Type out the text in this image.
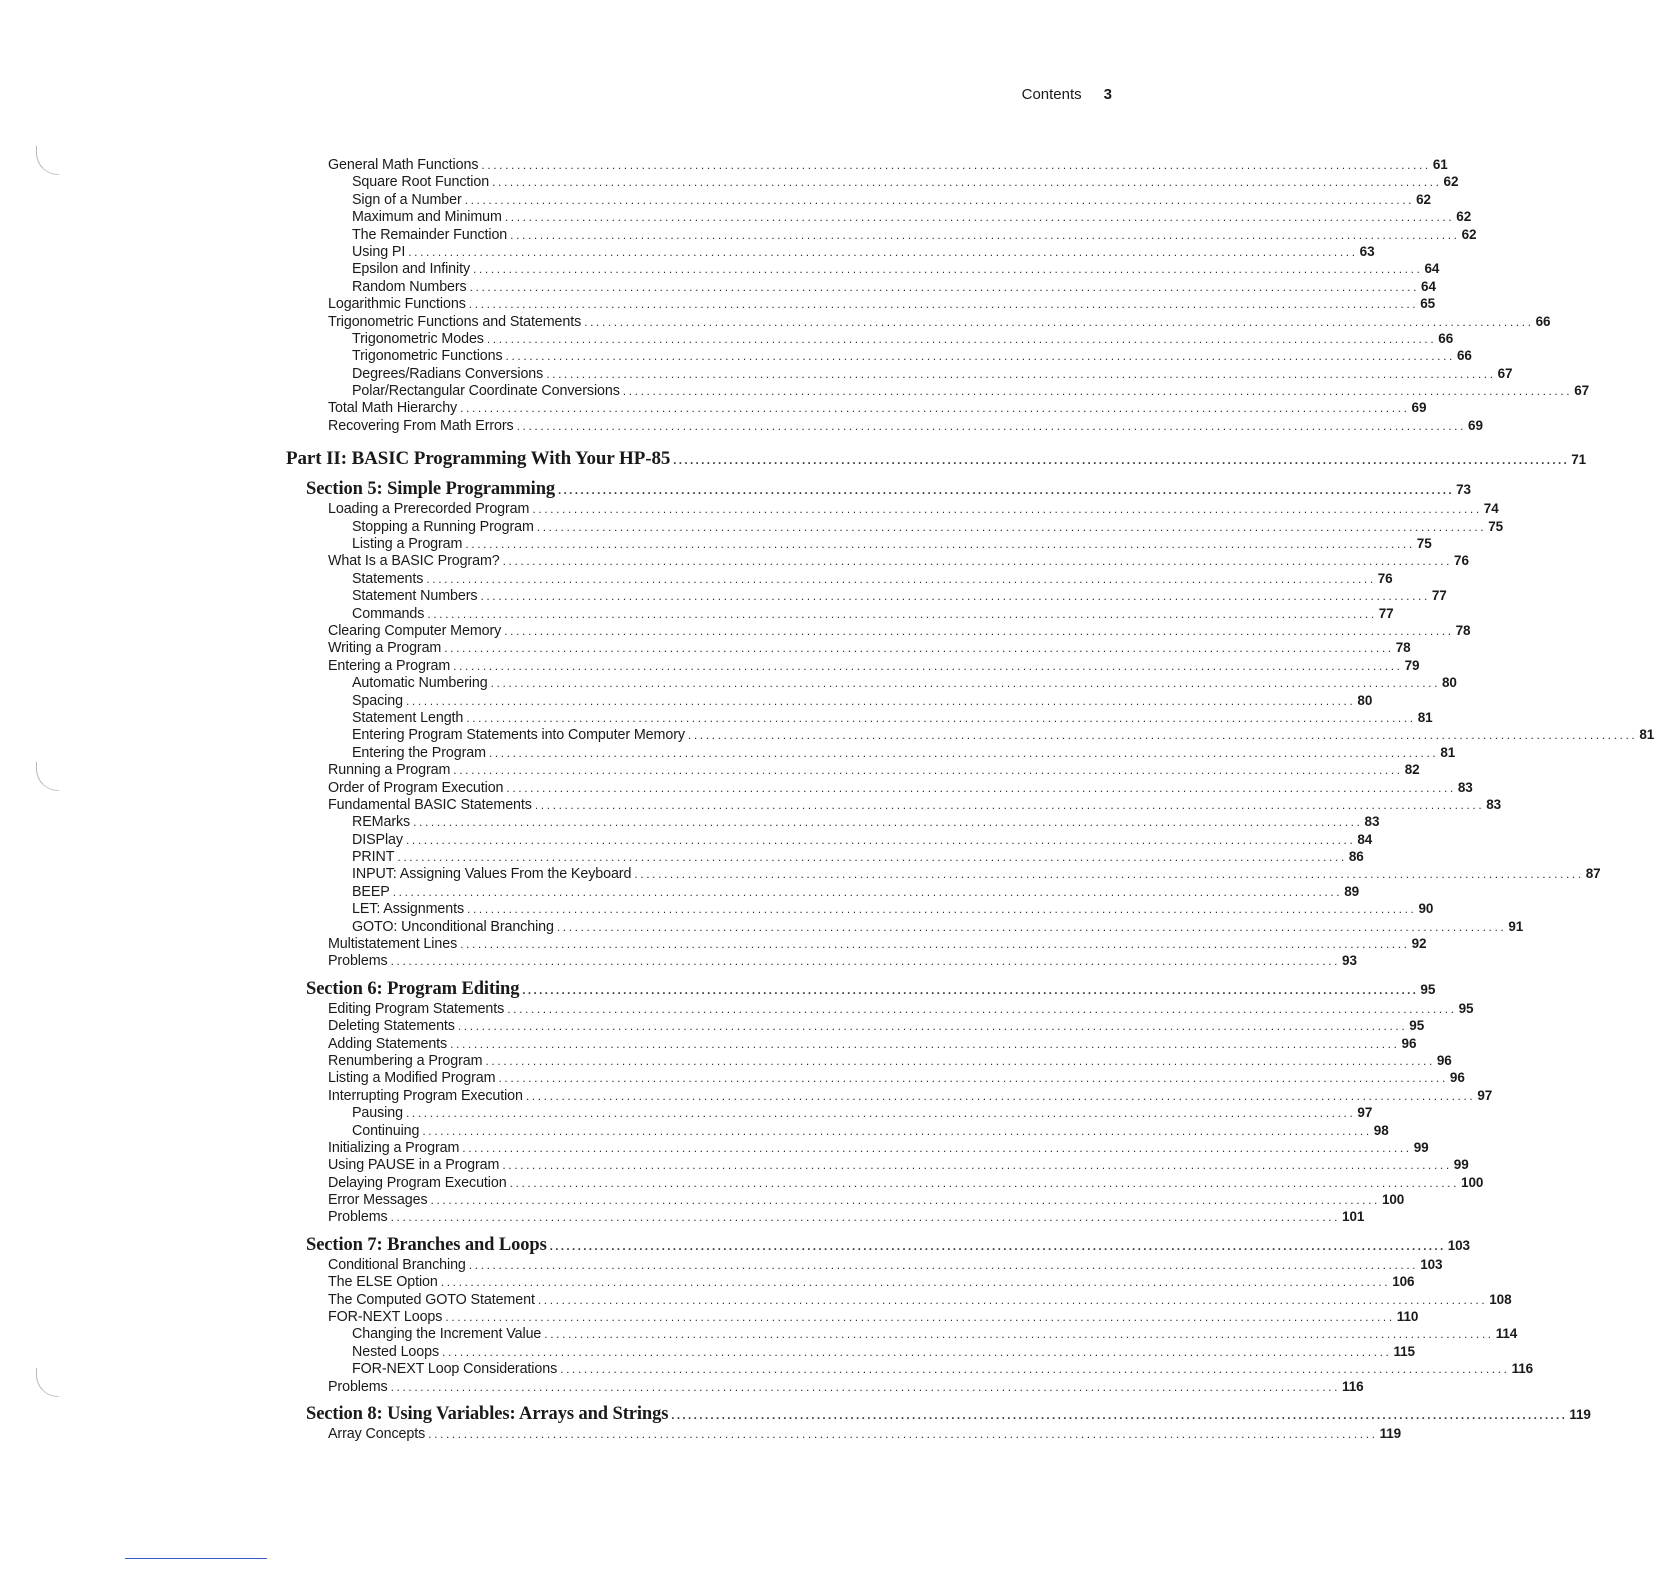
Contents 3
General Math Functions ................................................................................................................................................................ 61
Square Root Function ................................................................................................................................................................ 62
Sign of a Number ................................................................................................................................................................ 62
Maximum and Minimum ................................................................................................................................................................ 62
The Remainder Function ................................................................................................................................................................ 62
Using PI ................................................................................................................................................................ 63
Epsilon and Infinity ................................................................................................................................................................ 64
Random Numbers ................................................................................................................................................................ 64
Logarithmic Functions ................................................................................................................................................................ 65
Trigonometric Functions and Statements ................................................................................................................................................................ 66
Trigonometric Modes ................................................................................................................................................................ 66
Trigonometric Functions ................................................................................................................................................................ 66
Degrees/Radians Conversions ................................................................................................................................................................ 67
Polar/Rectangular Coordinate Conversions ................................................................................................................................................................ 67
Total Math Hierarchy ................................................................................................................................................................ 69
Recovering From Math Errors ................................................................................................................................................................ 69
Part II: BASIC Programming With Your HP-85 ................................................................................................................................................................ 71
Section 5: Simple Programming ................................................................................................................................................................ 73
Loading a Prerecorded Program ................................................................................................................................................................ 74
Stopping a Running Program ................................................................................................................................................................ 75
Listing a Program ................................................................................................................................................................ 75
What Is a BASIC Program? ................................................................................................................................................................ 76
Statements ................................................................................................................................................................ 76
Statement Numbers ................................................................................................................................................................ 77
Commands ................................................................................................................................................................ 77
Clearing Computer Memory ................................................................................................................................................................ 78
Writing a Program ................................................................................................................................................................ 78
Entering a Program ................................................................................................................................................................ 79
Automatic Numbering ................................................................................................................................................................ 80
Spacing ................................................................................................................................................................ 80
Statement Length ................................................................................................................................................................ 81
Entering Program Statements into Computer Memory ................................................................................................................................................................ 81
Entering the Program ................................................................................................................................................................ 81
Running a Program ................................................................................................................................................................ 82
Order of Program Execution ................................................................................................................................................................ 83
Fundamental BASIC Statements ................................................................................................................................................................ 83
REMarks ................................................................................................................................................................ 83
DISPlay ................................................................................................................................................................ 84
PRINT ................................................................................................................................................................ 86
INPUT: Assigning Values From the Keyboard ................................................................................................................................................................ 87
BEEP ................................................................................................................................................................ 89
LET: Assignments ................................................................................................................................................................ 90
GOTO: Unconditional Branching ................................................................................................................................................................ 91
Multistatement Lines ................................................................................................................................................................ 92
Problems ................................................................................................................................................................ 93
Section 6: Program Editing ................................................................................................................................................................ 95
Editing Program Statements ................................................................................................................................................................ 95
Deleting Statements ................................................................................................................................................................ 95
Adding Statements ................................................................................................................................................................ 96
Renumbering a Program ................................................................................................................................................................ 96
Listing a Modified Program ................................................................................................................................................................ 96
Interrupting Program Execution ................................................................................................................................................................ 97
Pausing ................................................................................................................................................................ 97
Continuing ................................................................................................................................................................ 98
Initializing a Program ................................................................................................................................................................ 99
Using PAUSE in a Program ................................................................................................................................................................ 99
Delaying Program Execution ................................................................................................................................................................ 100
Error Messages ................................................................................................................................................................ 100
Problems ................................................................................................................................................................ 101
Section 7: Branches and Loops ................................................................................................................................................................ 103
Conditional Branching ................................................................................................................................................................ 103
The ELSE Option ................................................................................................................................................................ 106
The Computed GOTO Statement ................................................................................................................................................................ 108
FOR-NEXT Loops ................................................................................................................................................................ 110
Changing the Increment Value ................................................................................................................................................................ 114
Nested Loops ................................................................................................................................................................ 115
FOR-NEXT Loop Considerations ................................................................................................................................................................ 116
Problems ................................................................................................................................................................ 116
Section 8: Using Variables: Arrays and Strings ................................................................................................................................................................ 119
Array Concepts ................................................................................................................................................................ 119
